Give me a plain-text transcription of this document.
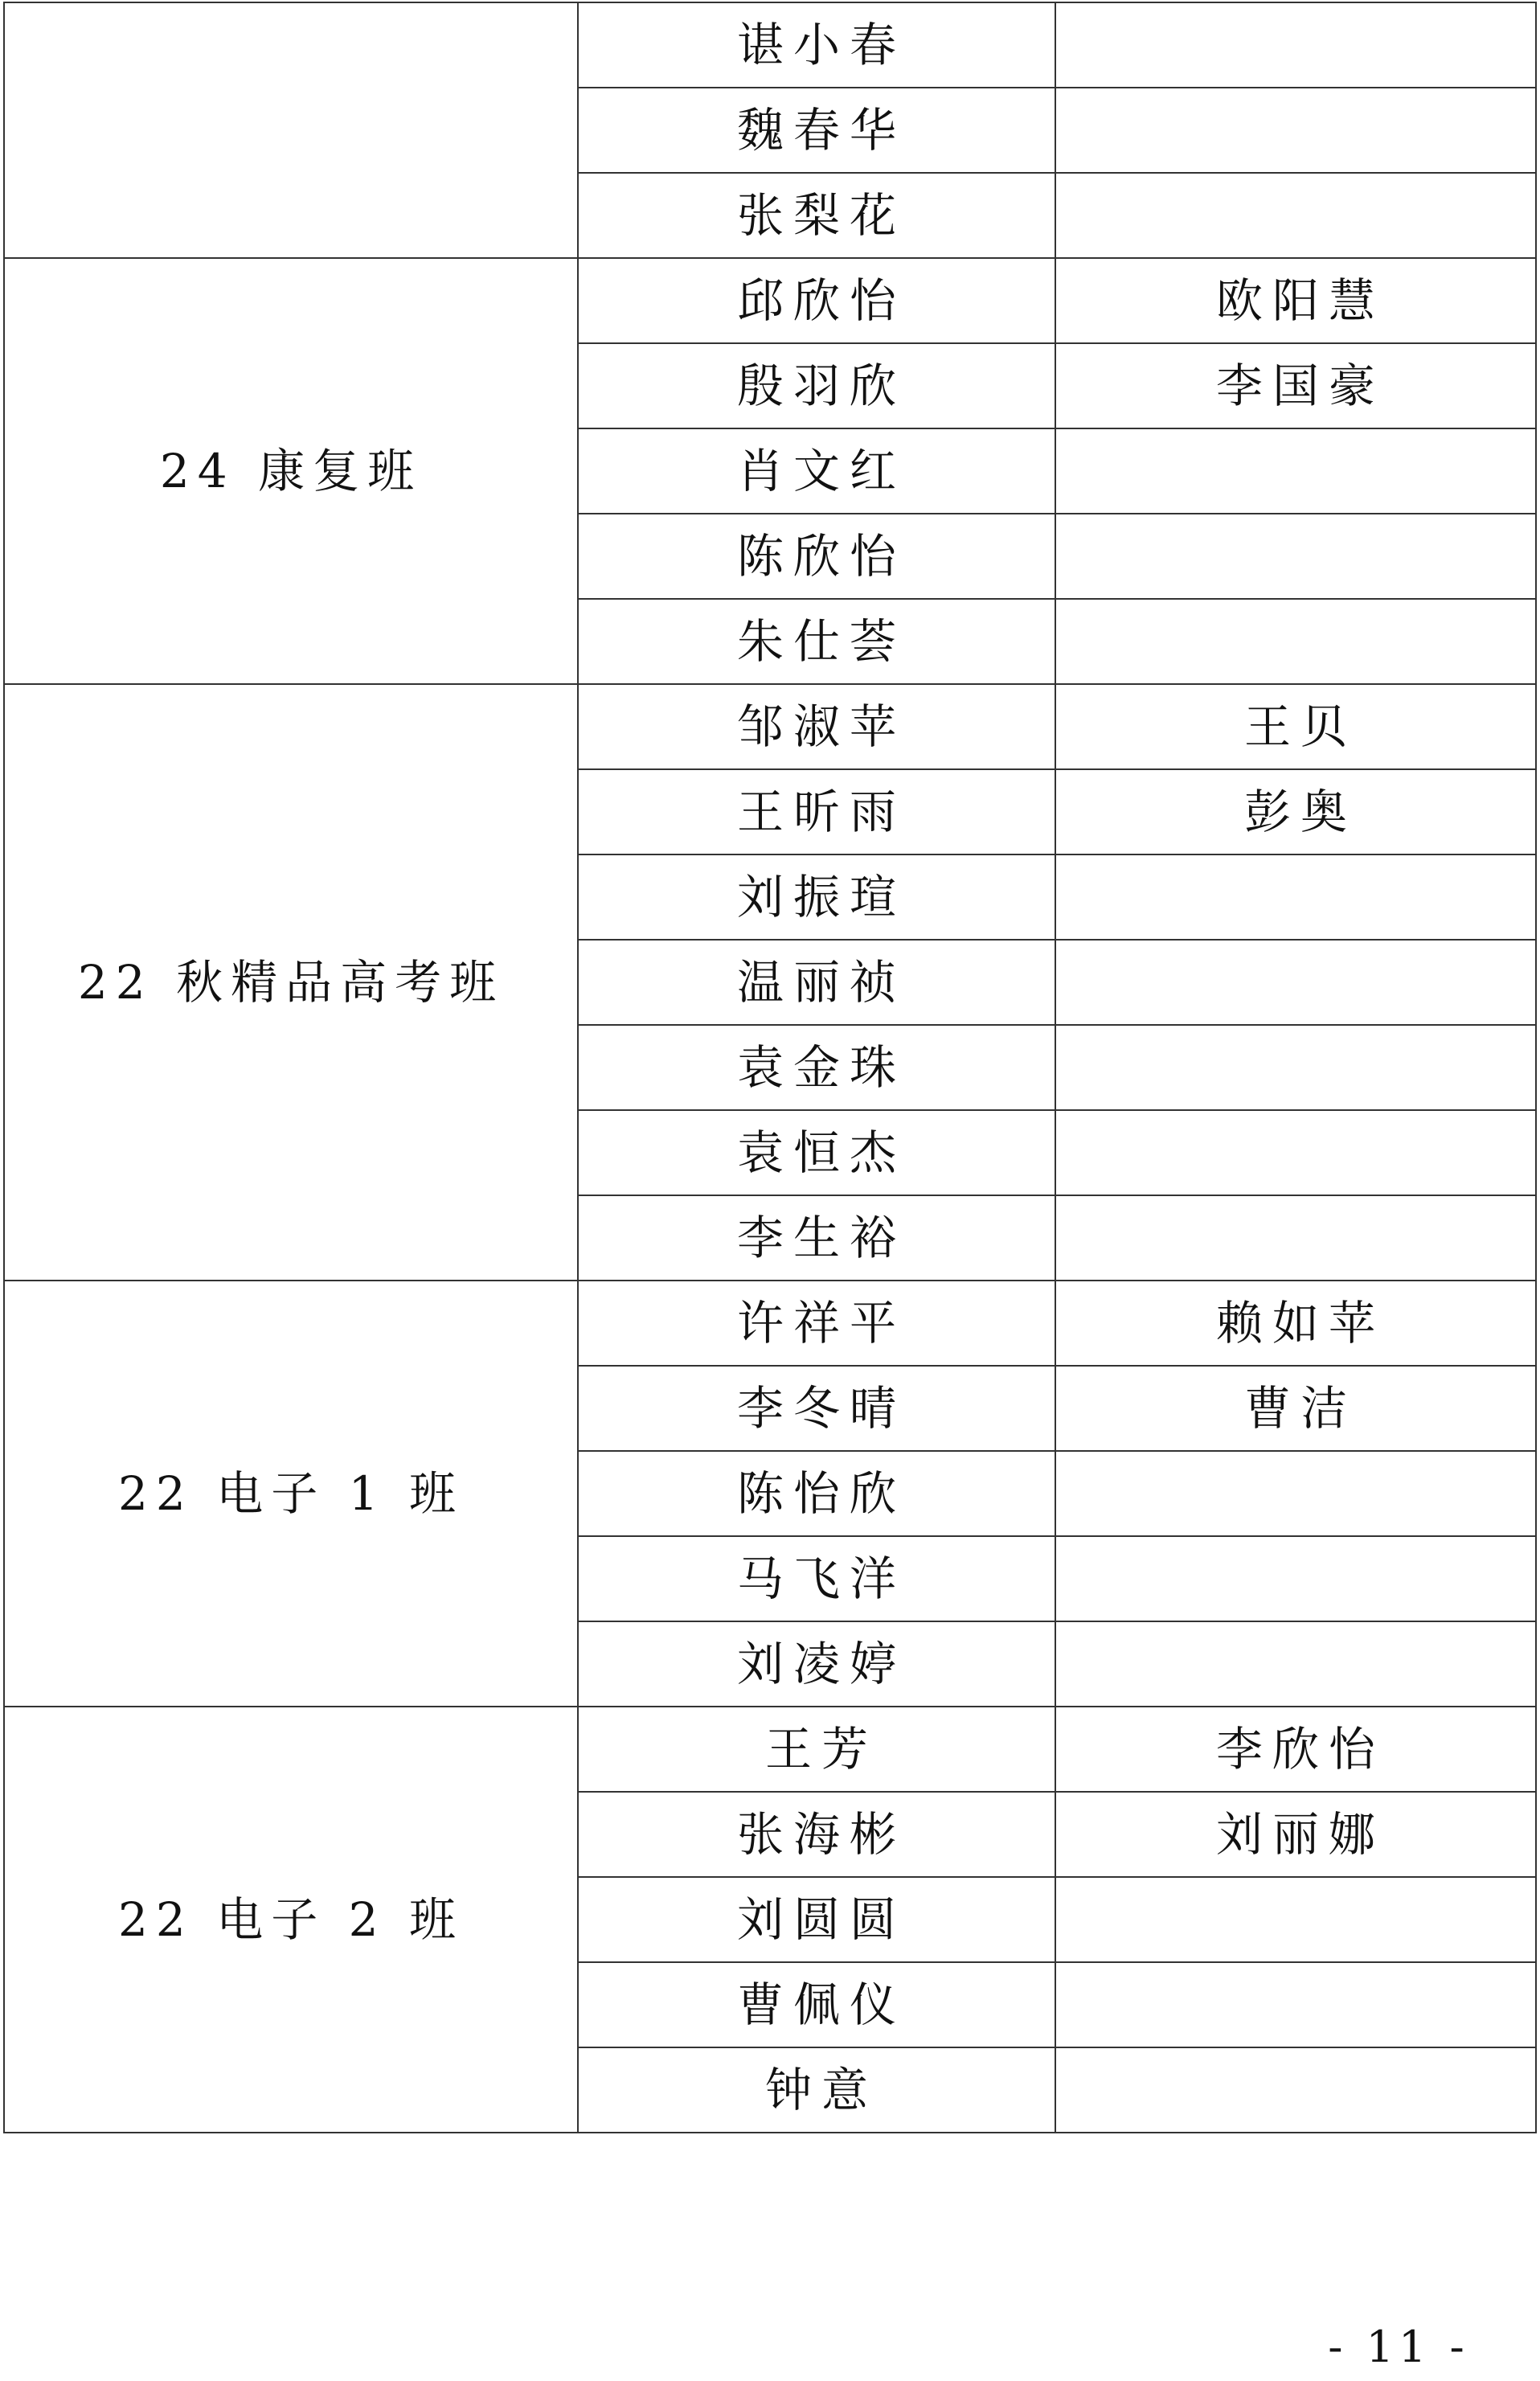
	谌小春	
	魏春华	
	张梨花	
24 康复班	邱欣怡	欧阳慧
	殷羽欣	李国豪
	肖文红	
	陈欣怡	
	朱仕荟	
22 秋精品高考班	邹淑苹	王贝
	王昕雨	彭奥
	刘振瑄	
	温丽祯	
	袁金珠	
	袁恒杰	
	李生裕	
22 电子 1 班	许祥平	赖如苹
	李冬晴	曹洁
	陈怡欣	
	马飞洋	
	刘凌婷	
22 电子 2 班	王芳	李欣怡
	张海彬	刘丽娜
	刘圆圆	
	曹佩仪	
	钟意	
- 11 -
